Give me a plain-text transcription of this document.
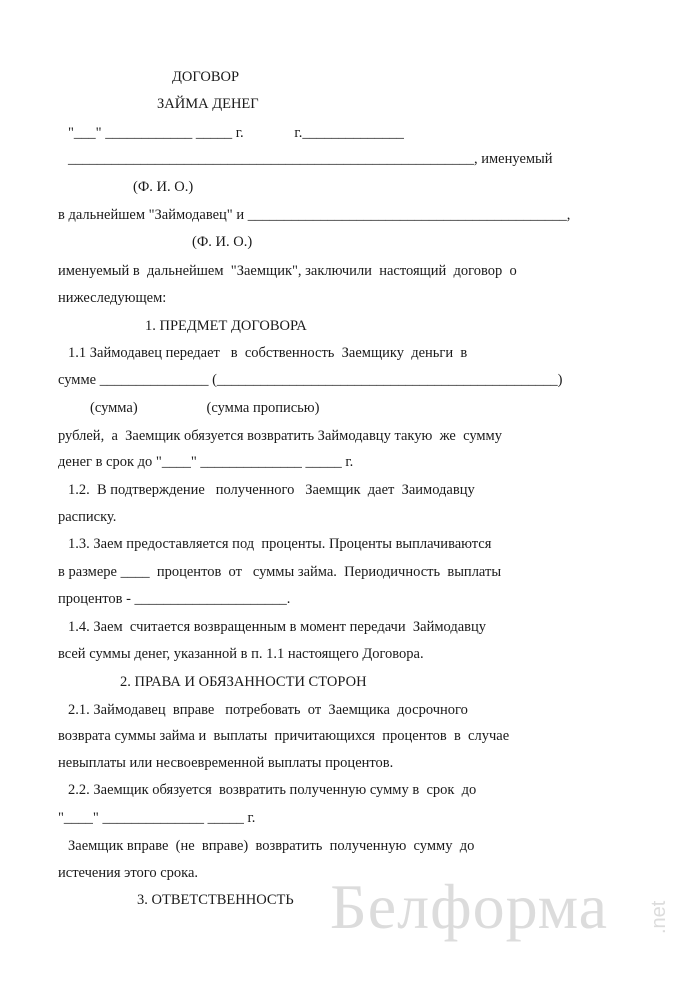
ДОГОВОР
ЗАЙМА ДЕНЕГ
"___" ____________ _____ г.              г.______________
________________________________________________________, именуемый
(Ф. И. О.)
в дальнейшем "Займодавец" и ____________________________________________,
(Ф. И. О.)
именуемый в  дальнейшем  "Заемщик", заключили  настоящий  договор  о
нижеследующем:
1. ПРЕДМЕТ ДОГОВОРА
1.1 Займодавец передает   в  собственность  Заемщику  деньги  в
сумме _______________ (_______________________________________________)
(сумма)                   (сумма прописью)
рублей,  а  Заемщик обязуется возвратить Займодавцу такую  же  сумму
денег в срок до "____" ______________ _____ г.
1.2.  В подтверждение   полученного   Заемщик  дает  Заимодавцу
расписку.
1.3. Заем предоставляется под  проценты. Проценты выплачиваются
в размере ____  процентов  от   суммы займа.  Периодичность  выплаты
процентов - _____________________.
1.4. Заем  считается возвращенным в момент передачи  Займодавцу
всей суммы денег, указанной в п. 1.1 настоящего Договора.
2. ПРАВА И ОБЯЗАННОСТИ СТОРОН
2.1. Займодавец  вправе   потребовать  от  Заемщика  досрочного
возврата суммы займа и  выплаты  причитающихся  процентов  в  случае
невыплаты или несвоевременной выплаты процентов.
2.2. Заемщик обязуется  возвратить полученную сумму в  срок  до
"____" ______________ _____ г.
Заемщик вправе  (не  вправе)  возвратить  полученную  сумму  до
истечения этого срока.
3. ОТВЕТСТВЕННОСТЬ Белформа .net
